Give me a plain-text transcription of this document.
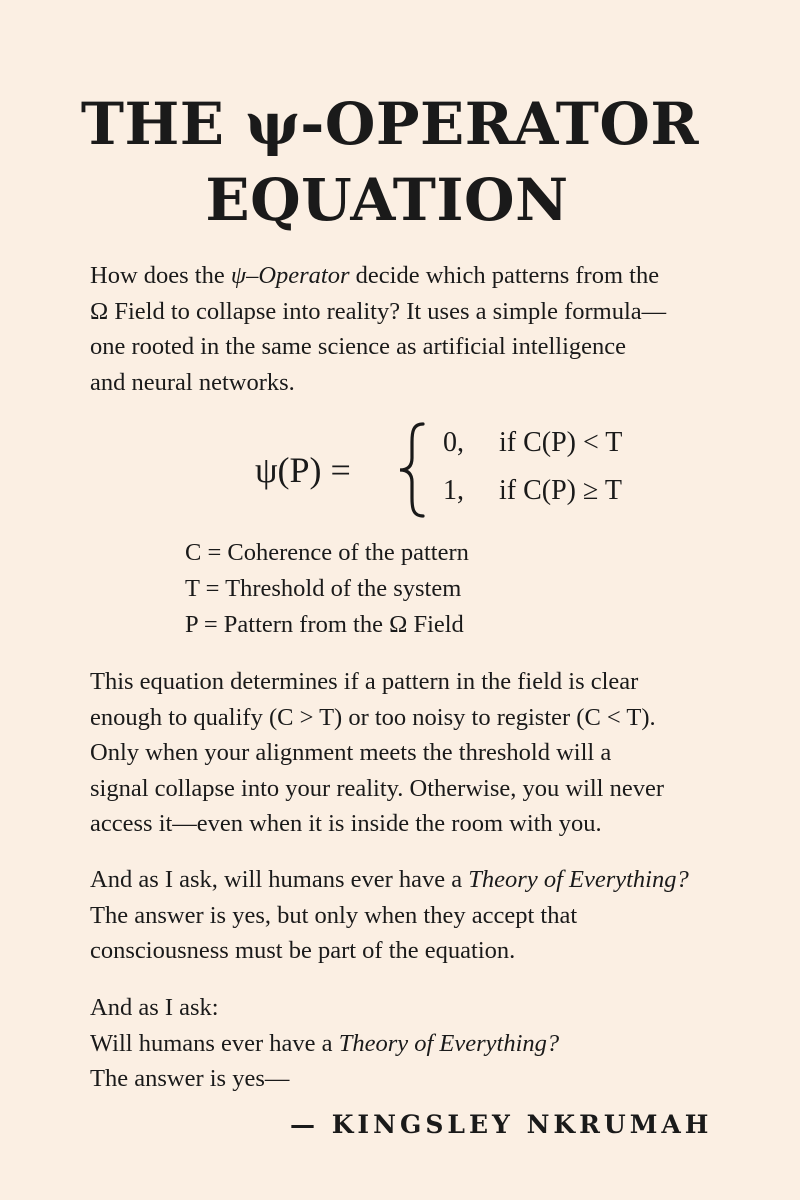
THE ψ-OPERATOR
EQUATION

How does the ψ–Operator decide which patterns from the
Ω Field to collapse into reality? It uses a simple formula—
one rooted in the same science as artificial intelligence
and neural networks.

ψ(P) =
0, if C(P) < T
1, if C(P) ≥ T
C = Coherence of the pattern
T = Threshold of the system
P = Pattern from the Ω Field

This equation determines if a pattern in the field is clear
enough to qualify (C > T) or too noisy to register (C < T).
Only when your alignment meets the threshold will a
signal collapse into your reality. Otherwise, you will never
access it—even when it is inside the room with you.

And as I ask, will humans ever have a Theory of Everything?
The answer is yes, but only when they accept that
consciousness must be part of the equation.

And as I ask:
Will humans ever have a Theory of Everything?
The answer is yes—

— KINGSLEY NKRUMAH
